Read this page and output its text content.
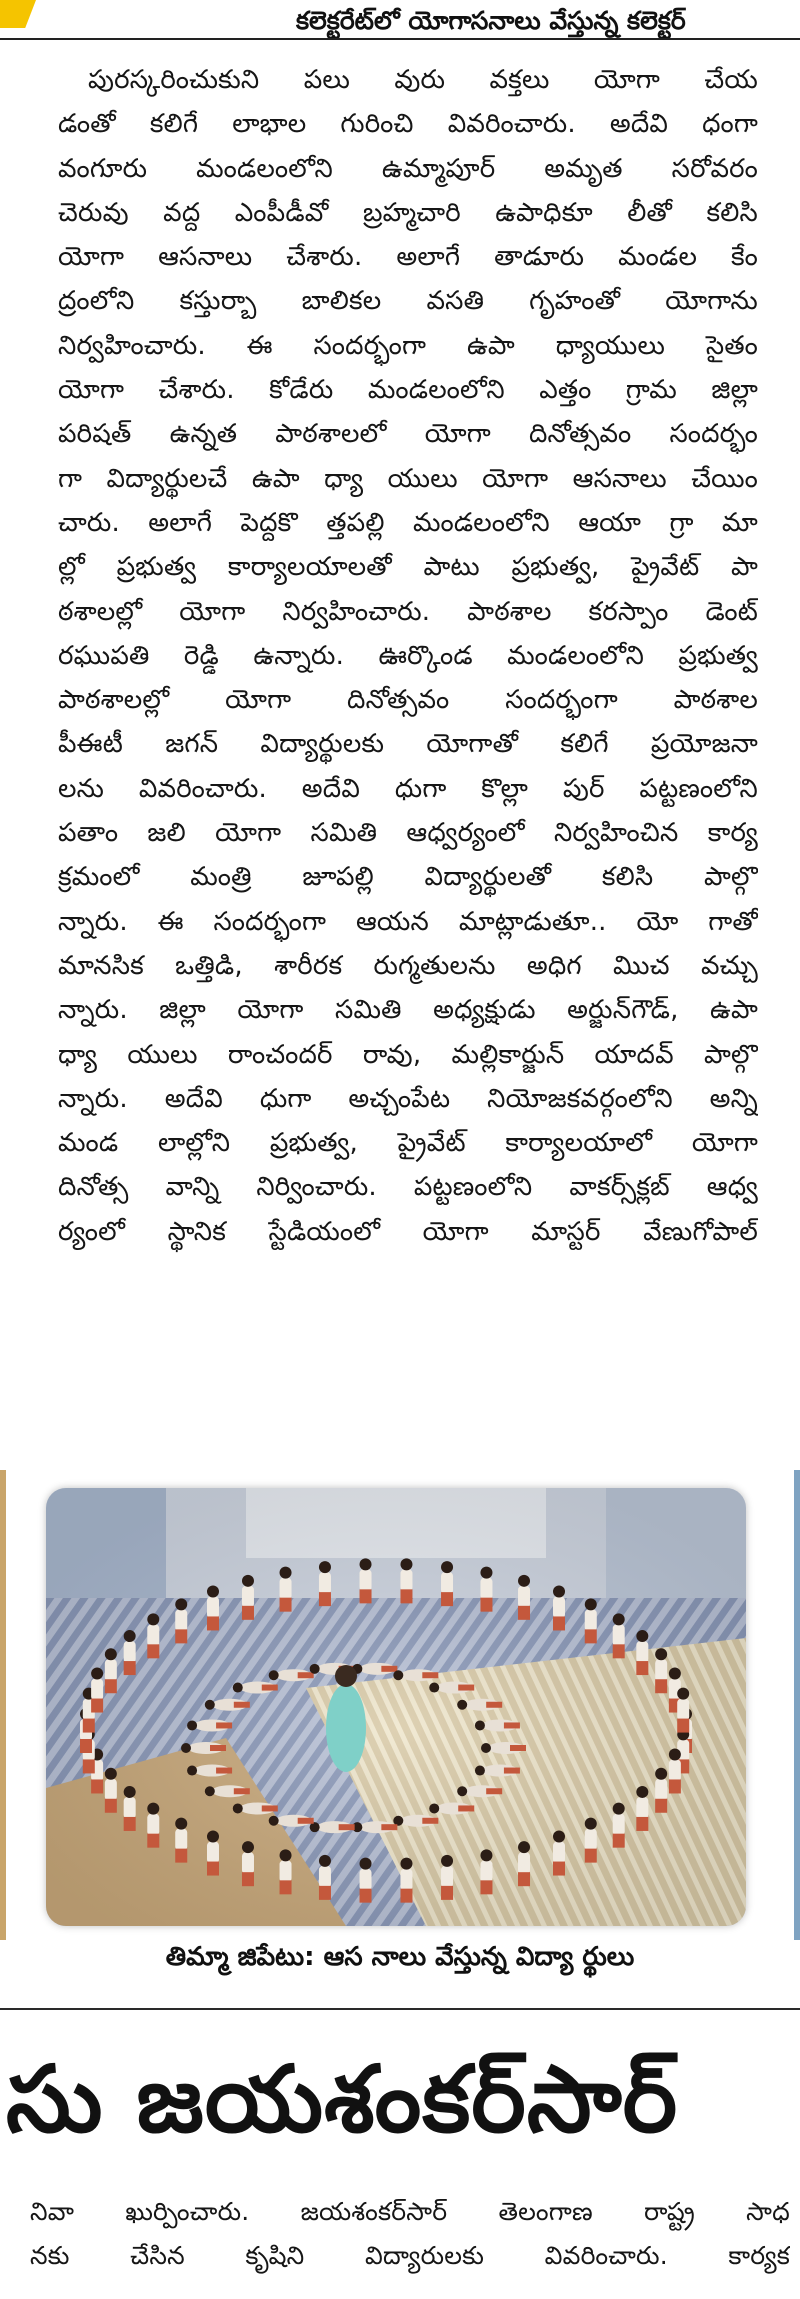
కలెక్టరేట్‌లో యోగాసనాలు వేస్తున్న కలెక్టర్
పురస్కరించుకుని పలు వురు వక్తలు యోగా చేయ
డంతో కలిగే లాభాల గురించి వివరించారు. అదేవి ధంగా
వంగూరు మండలంలోని ఉమ్మాపూర్ అమృత సరోవరం
చెరువు వద్ద ఎంపీడీవో బ్రహ్మచారి ఉపాధికూ లీతో కలిసి
యోగా ఆసనాలు చేశారు. అలాగే తాడూరు మండల కేం
ద్రంలోని కస్తుర్బా బాలికల వసతి గృహంతో యోగాను
నిర్వహించారు. ఈ సందర్భంగా ఉపా ధ్యాయులు సైతం
యోగా చేశారు. కోడేరు మండలంలోని ఎత్తం గ్రామ జిల్లా
పరిషత్ ఉన్నత పాఠశాలలో యోగా దినోత్సవం సందర్భం
గా విద్యార్థులచే ఉపా ధ్యా యులు యోగా ఆసనాలు చేయిం
చారు. అలాగే పెద్దకొ త్తపల్లి మండలంలోని ఆయా గ్రా మా
ల్లో ప్రభుత్వ కార్యాలయాలతో పాటు ప్రభుత్వ, ప్రైవేట్ పా
ఠశాలల్లో యోగా నిర్వహించారు. పాఠశాల కరస్పాం డెంట్
రఘుపతి రెడ్డి ఉన్నారు. ఊర్కొండ మండలంలోని ప్రభుత్వ
పాఠశాలల్లో యోగా దినోత్సవం సందర్భంగా పాఠశాల
పీఈటీ జగన్ విద్యార్థులకు యోగాతో కలిగే ప్రయోజనా
లను వివరించారు. అదేవి ధుగా కొల్లా పుర్ పట్టణంలోని
పతాం జలి యోగా సమితి ఆధ్వర్యంలో నిర్వహించిన కార్య
క్రమంలో మంత్రి జూపల్లి విద్యార్థులతో కలిసి పాల్గొ
న్నారు. ఈ సందర్భంగా ఆయన మాట్లాడుతూ.. యో గాతో
మానసిక ఒత్తిడి, శారీరక రుగ్మతులను అధిగ మిుచ వచ్చు
న్నారు. జిల్లా యోగా సమితి అధ్యక్షుడు అర్జున్‌గౌడ్, ఉపా
ధ్యా యులు రాంచందర్ రావు, మల్లికార్జున్ యాదవ్ పాల్గొ
న్నారు. అదేవి ధుగా అచ్చంపేట నియోజకవర్గంలోని అన్ని
మండ లాల్లోని ప్రభుత్వ, ప్రైవేట్ కార్యాలయాలో యోగా
దినోత్స వాన్ని నిర్వించారు. పట్టణంలోని వాకర్స్‌క్లబ్ ఆధ్వ
ర్యంలో స్థానిక స్టేడియంలో యోగా మాస్టర్ వేణుగోపాల్
తిమ్మా జిపేటు: ఆస నాలు వేస్తున్న విద్యా ర్థులు
సు జయశంకర్‌సార్
నివా ఖుర్పించారు. జయశంకర్‌సార్ తెలంగాణ రాష్ట్ర సాధ
నకు చేసిన కృషిని విద్యారులకు వివరించారు. కార్యక
